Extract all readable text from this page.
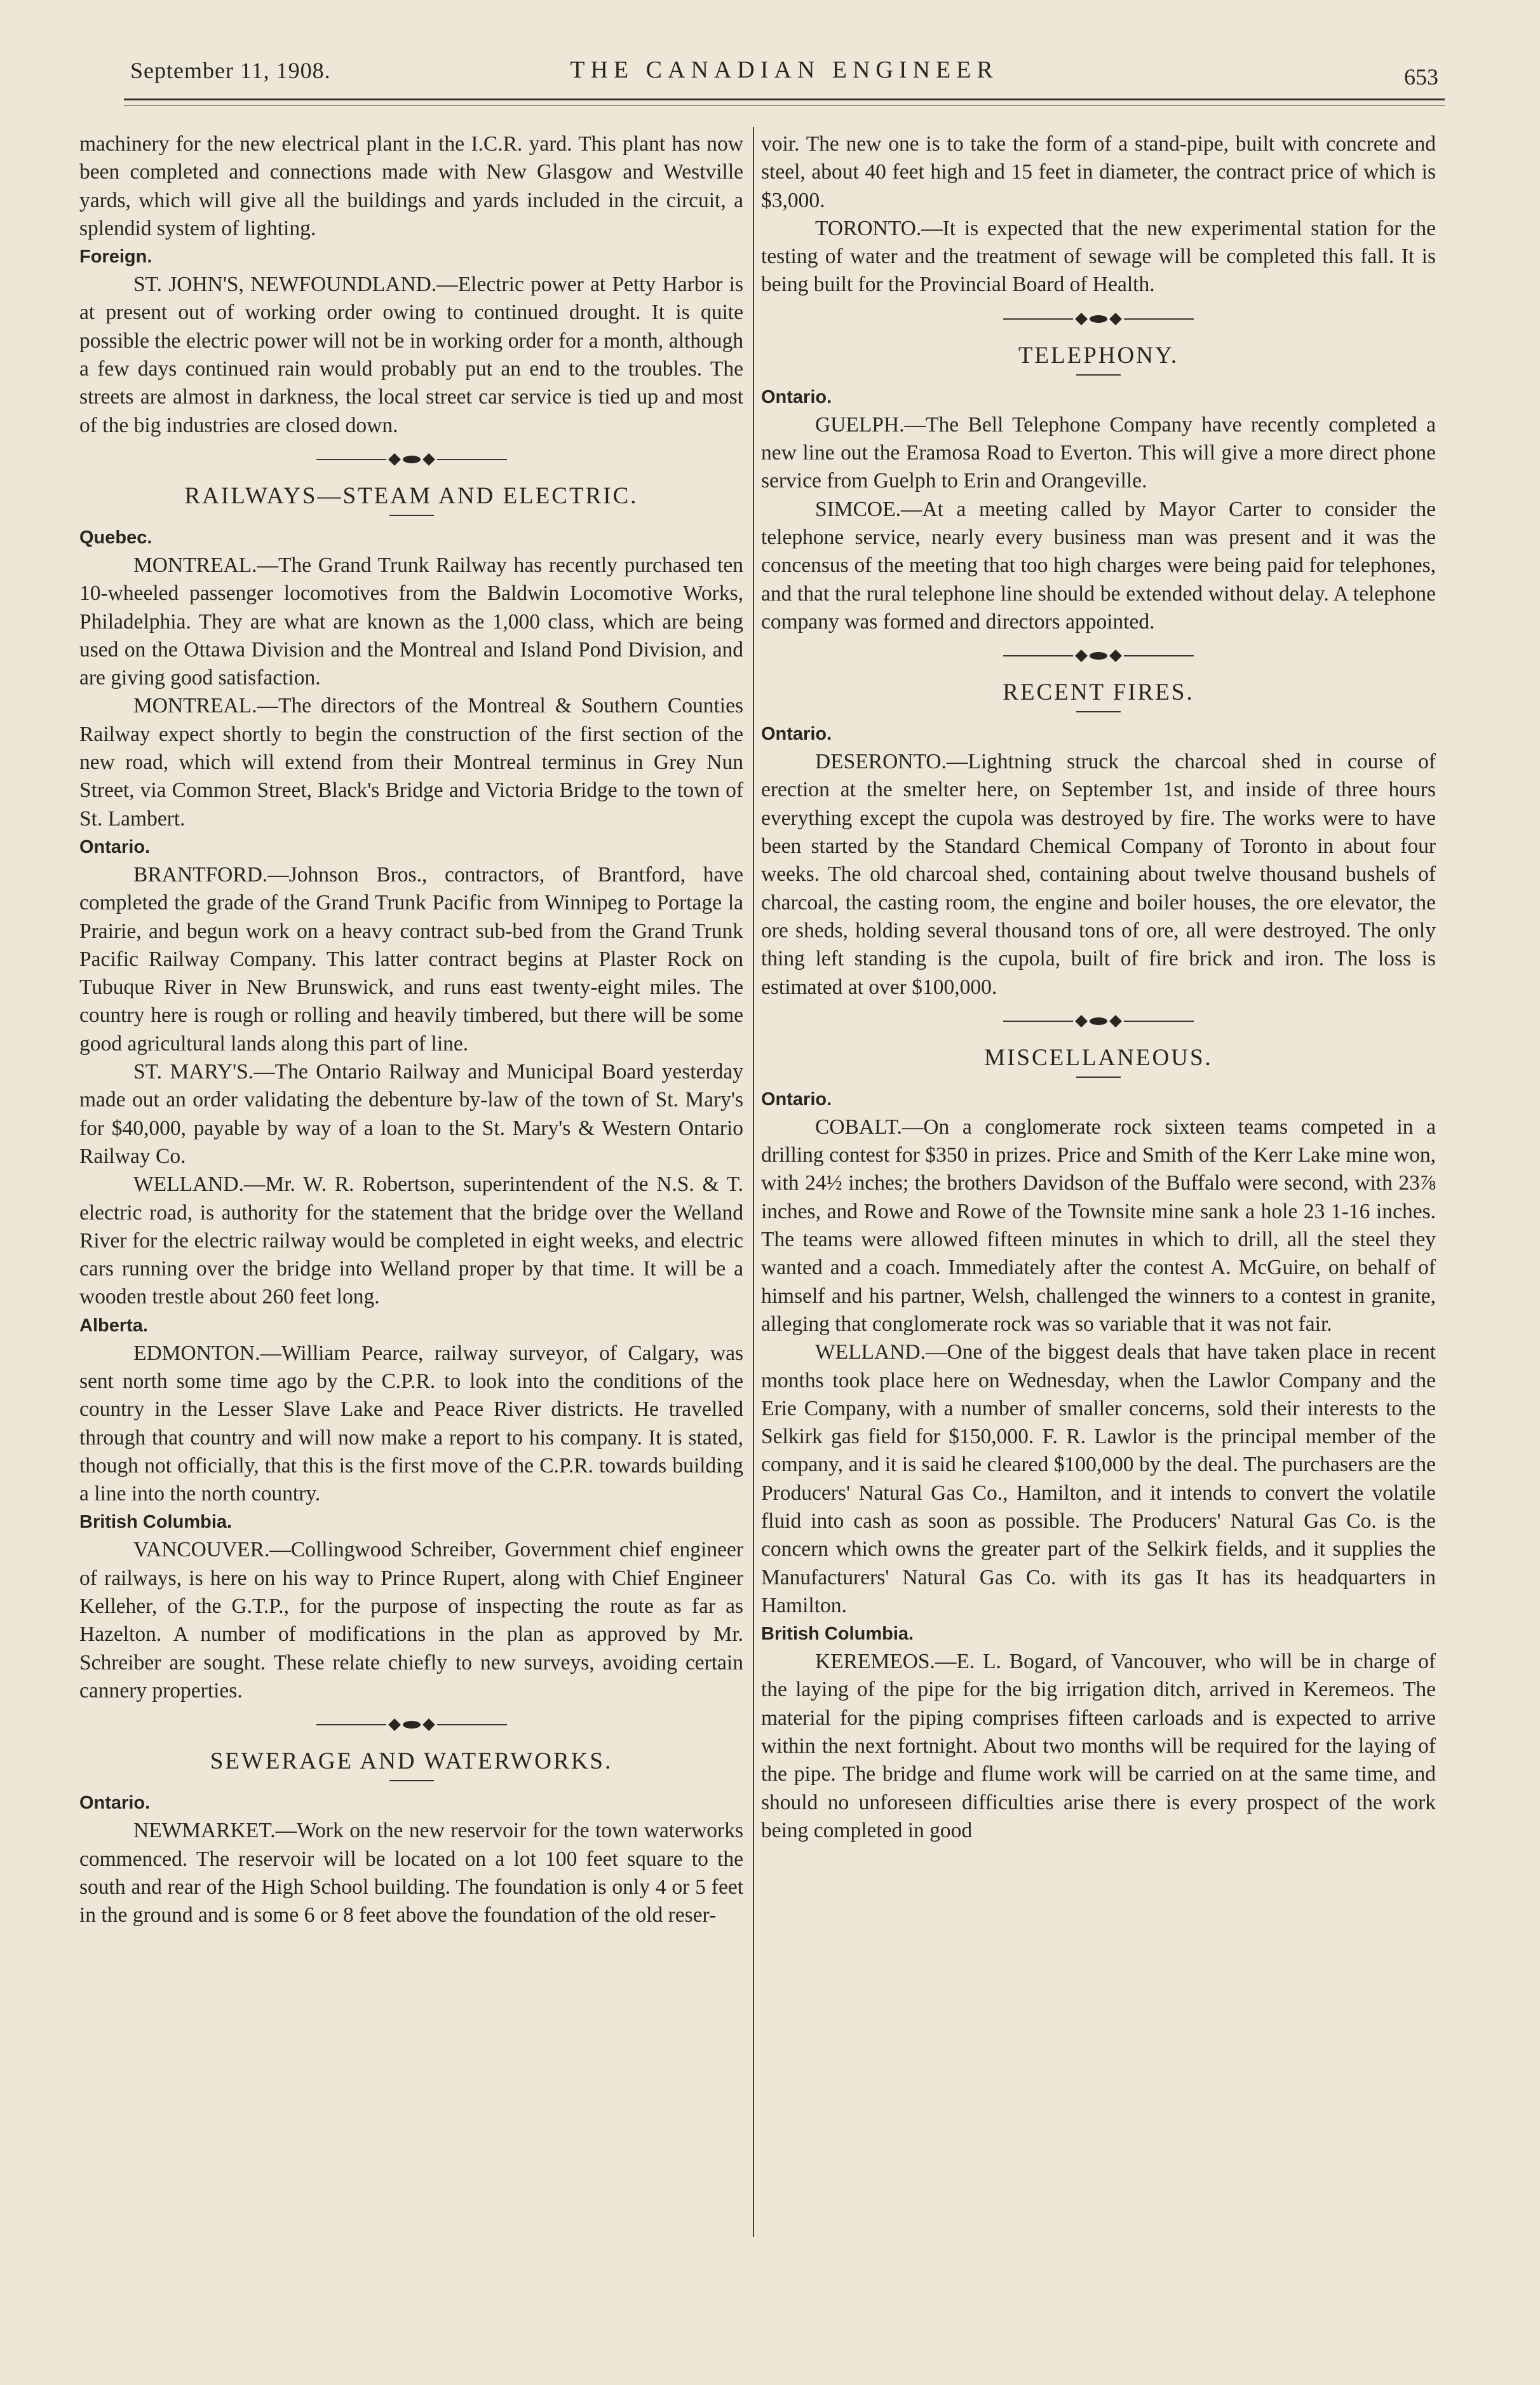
September 11, 1908.	THE CANADIAN ENGINEER	653

machinery for the new electrical plant in the I.C.R. yard. This plant has now been completed and connections made with New Glasgow and Westville yards, which will give all the buildings and yards included in the circuit, a splendid system of lighting.

Foreign.

ST. JOHN'S, NEWFOUNDLAND.—Electric power at Petty Harbor is at present out of working order owing to continued drought. It is quite possible the electric power will not be in working order for a month, although a few days continued rain would probably put an end to the troubles. The streets are almost in darkness, the local street car service is tied up and most of the big industries are closed down.

RAILWAYS—STEAM AND ELECTRIC.
Quebec.

MONTREAL.—The Grand Trunk Railway has recently purchased ten 10-wheeled passenger locomotives from the Baldwin Locomotive Works, Philadelphia. They are what are known as the 1,000 class, which are being used on the Ottawa Division and the Montreal and Island Pond Division, and are giving good satisfaction.

MONTREAL.—The directors of the Montreal & Southern Counties Railway expect shortly to begin the construction of the first section of the new road, which will extend from their Montreal terminus in Grey Nun Street, via Common Street, Black's Bridge and Victoria Bridge to the town of St. Lambert.

Ontario.

BRANTFORD.—Johnson Bros., contractors, of Brantford, have completed the grade of the Grand Trunk Pacific from Winnipeg to Portage la Prairie, and begun work on a heavy contract sub-bed from the Grand Trunk Pacific Railway Company. This latter contract begins at Plaster Rock on Tubuque River in New Brunswick, and runs east twenty-eight miles. The country here is rough or rolling and heavily timbered, but there will be some good agricultural lands along this part of line.

ST. MARY'S.—The Ontario Railway and Municipal Board yesterday made out an order validating the debenture by-law of the town of St. Mary's for $40,000, payable by way of a loan to the St. Mary's & Western Ontario Railway Co.

WELLAND.—Mr. W. R. Robertson, superintendent of the N.S. & T. electric road, is authority for the statement that the bridge over the Welland River for the electric railway would be completed in eight weeks, and electric cars running over the bridge into Welland proper by that time. It will be a wooden trestle about 260 feet long.

Alberta.

EDMONTON.—William Pearce, railway surveyor, of Calgary, was sent north some time ago by the C.P.R. to look into the conditions of the country in the Lesser Slave Lake and Peace River districts. He travelled through that country and will now make a report to his company. It is stated, though not officially, that this is the first move of the C.P.R. towards building a line into the north country.

British Columbia.

VANCOUVER.—Collingwood Schreiber, Government chief engineer of railways, is here on his way to Prince Rupert, along with Chief Engineer Kelleher, of the G.T.P., for the purpose of inspecting the route as far as Hazelton. A number of modifications in the plan as approved by Mr. Schreiber are sought. These relate chiefly to new surveys, avoiding certain cannery properties.

SEWERAGE AND WATERWORKS.
Ontario.

NEWMARKET.—Work on the new reservoir for the town waterworks commenced. The reservoir will be located on a lot 100 feet square to the south and rear of the High School building. The foundation is only 4 or 5 feet in the ground and is some 6 or 8 feet above the foundation of the old reser-

voir. The new one is to take the form of a stand-pipe, built with concrete and steel, about 40 feet high and 15 feet in diameter, the contract price of which is $3,000.

TORONTO.—It is expected that the new experimental station for the testing of water and the treatment of sewage will be completed this fall. It is being built for the Provincial Board of Health.

TELEPHONY.
Ontario.

GUELPH.—The Bell Telephone Company have recently completed a new line out the Eramosa Road to Everton. This will give a more direct phone service from Guelph to Erin and Orangeville.

SIMCOE.—At a meeting called by Mayor Carter to consider the telephone service, nearly every business man was present and it was the concensus of the meeting that too high charges were being paid for telephones, and that the rural telephone line should be extended without delay. A telephone company was formed and directors appointed.

RECENT FIRES.
Ontario.

DESERONTO.—Lightning struck the charcoal shed in course of erection at the smelter here, on September 1st, and inside of three hours everything except the cupola was destroyed by fire. The works were to have been started by the Standard Chemical Company of Toronto in about four weeks. The old charcoal shed, containing about twelve thousand bushels of charcoal, the casting room, the engine and boiler houses, the ore elevator, the ore sheds, holding several thousand tons of ore, all were destroyed. The only thing left standing is the cupola, built of fire brick and iron. The loss is estimated at over $100,000.

MISCELLANEOUS.
Ontario.

COBALT.—On a conglomerate rock sixteen teams competed in a drilling contest for $350 in prizes. Price and Smith of the Kerr Lake mine won, with 24½ inches; the brothers Davidson of the Buffalo were second, with 23⅞ inches, and Rowe and Rowe of the Townsite mine sank a hole 23 1-16 inches. The teams were allowed fifteen minutes in which to drill, all the steel they wanted and a coach. Immediately after the contest A. McGuire, on behalf of himself and his partner, Welsh, challenged the winners to a contest in granite, alleging that conglomerate rock was so variable that it was not fair.

WELLAND.—One of the biggest deals that have taken place in recent months took place here on Wednesday, when the Lawlor Company and the Erie Company, with a number of smaller concerns, sold their interests to the Selkirk gas field for $150,000. F. R. Lawlor is the principal member of the company, and it is said he cleared $100,000 by the deal. The purchasers are the Producers' Natural Gas Co., Hamilton, and it intends to convert the volatile fluid into cash as soon as possible. The Producers' Natural Gas Co. is the concern which owns the greater part of the Selkirk fields, and it supplies the Manufacturers' Natural Gas Co. with its gas It has its headquarters in Hamilton.

British Columbia.

KEREMEOS.—E. L. Bogard, of Vancouver, who will be in charge of the laying of the pipe for the big irrigation ditch, arrived in Keremeos. The material for the piping comprises fifteen carloads and is expected to arrive within the next fortnight. About two months will be required for the laying of the pipe. The bridge and flume work will be carried on at the same time, and should no unforeseen difficulties arise there is every prospect of the work being completed in good
